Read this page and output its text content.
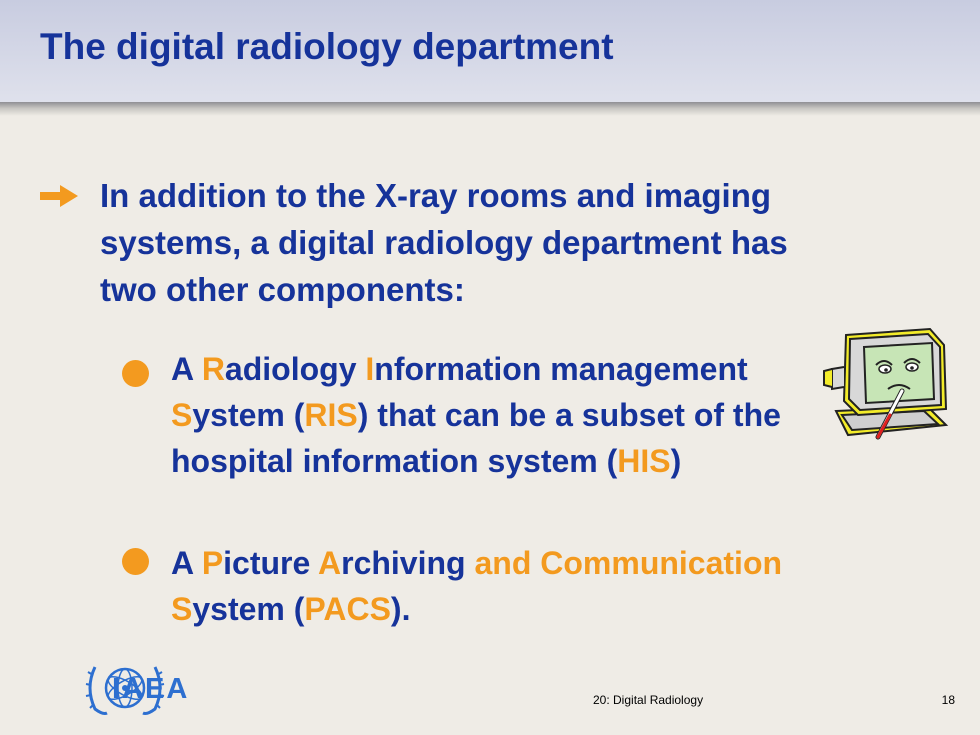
The digital radiology department
In addition to the X-ray rooms and imaging systems, a digital radiology department has two other components:
A Radiology Information management System (RIS) that can be a subset of the hospital information system (HIS)
A Picture Archiving and Communication System (PACS).
IAEA	20: Digital Radiology	18
